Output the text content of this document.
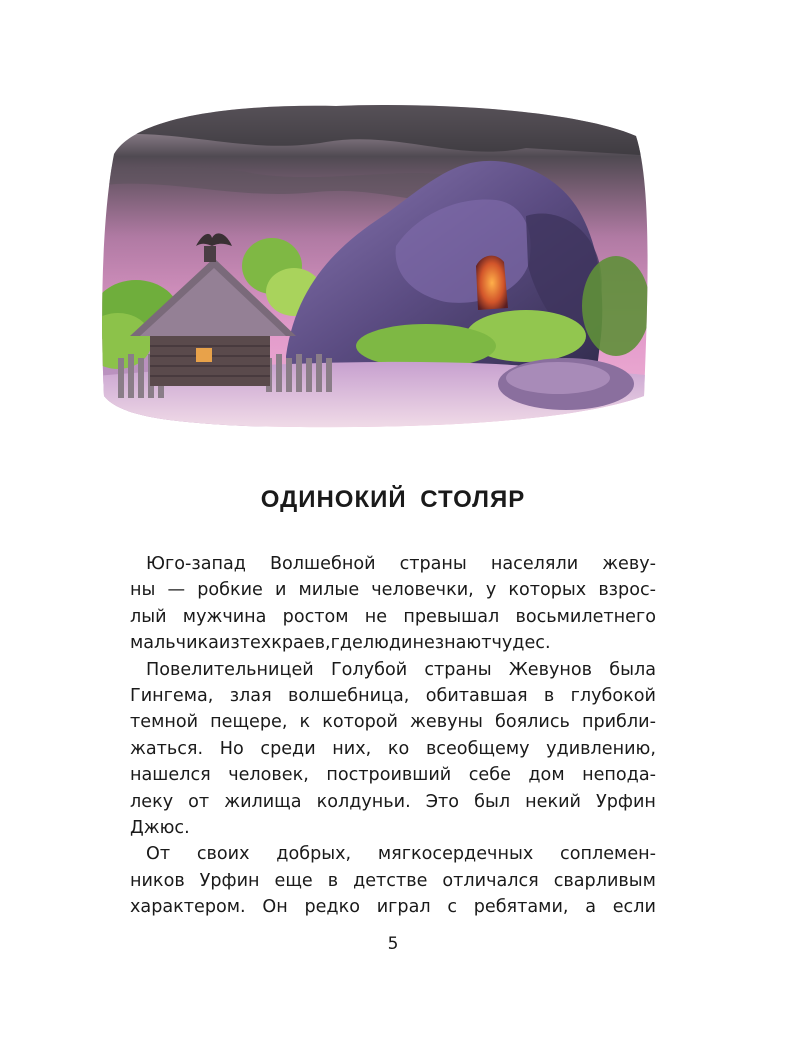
ОДИНОКИЙ СТОЛЯР
Юго-запад Волшебной страны населяли жеву-
ны — робкие и милые человечки, у которых взрос-
лый мужчина ростом не превышал восьмилетнего
мальчика из тех краев, где люди не знают чудес.
Повелительницей Голубой страны Жевунов была
Гингема, злая волшебница, обитавшая в глубокой
темной пещере, к которой жевуны боялись прибли-
жаться. Но среди них, ко всеобщему удивлению,
нашелся человек, построивший себе дом непода-
леку от жилища колдуньи. Это был некий Урфин
Джюс.
От своих добрых, мягкосердечных соплемен-
ников Урфин еще в детстве отличался сварливым
характером. Он редко играл с ребятами, а если
5
